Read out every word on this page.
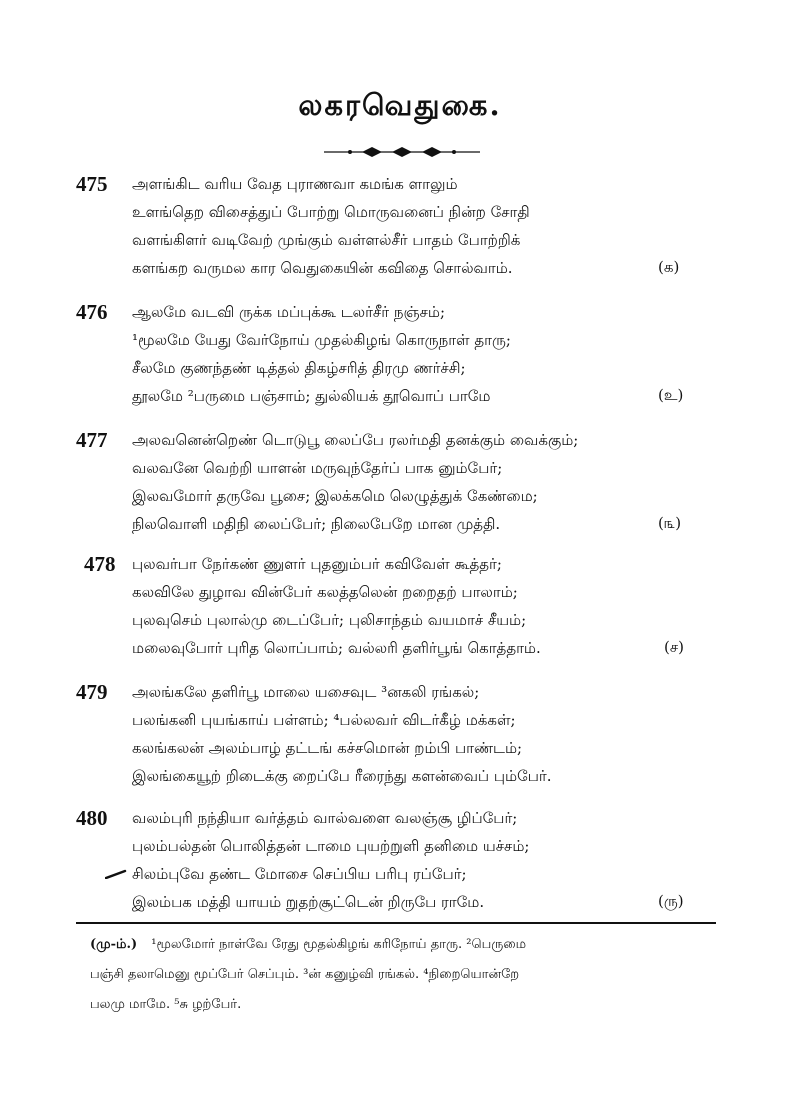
லகரவெதுகை.
475 அளங்கிட வரிய வேத புராணவா கமங்க ளாலும்
உளங்தெற விசைத்துப் போற்று மொருவனைப் நின்ற சோதி
வளங்கிளர் வடிவேற் முங்கும் வள்ளல்சீர் பாதம் போற்றிக்
களங்கற வருமல கார வெதுகையின் கவிதை சொல்வாம்.	(க)
476 ஆலமே வடவி ருக்க மப்புக்கூ டலர்சீர் நஞ்சம்;
¹மூலமே யேது வேர்நோய் முதல்கிழங் கொருநாள் தாரு;
சீலமே குணந்தண் டித்தல் திகழ்சரித் திரமு ணர்ச்சி;
தூலமே ²பருமை பஞ்சாம்; துல்லியக் தூவொப் பாமே	(உ)
477 அலவனென்றெண் டொடுபூ லைப்பே ரலர்மதி தனக்கும் வைக்கும்;
வலவனே வெற்றி யாளன் மருவுந்தேர்ப் பாக னும்பேர்;
இலவமோர் தருவே பூசை; இலக்கமெ லெழுத்துக் கேண்மை;
நிலவொளி மதிநி லைப்பேர்; நிலைபேறே மான முத்தி.	(௩)
478 புலவர்பா நேர்கண் ணுளர் புதனும்பர் கவிவேள் கூத்தர்;
கலவிலே துழாவ வின்பேர் கலத்தலென் றறைதற் பாலாம்;
புலவுசெம் புலால்மு டைப்பேர்; புலிசாந்தம் வயமாச் சீயம்;
மலைவுபோர் புரித லொப்பாம்; வல்லரி தளிர்பூங் கொத்தாம்.	(ச)
479 அலங்கலே தளிர்பூ மாலை யசைவுட ³னகலி ரங்கல்;
பலங்கனி புயங்காய் பள்ளம்; ⁴பல்லவர் விடர்கீழ் மக்கள்;
கலங்கலன் அலம்பாழ் தட்டங் கச்சமொன் றம்பி பாண்டம்;
இலங்கையூற் றிடைக்கு றைப்பே ரீரைந்து களன்வைப் பும்பேர்.
480 வலம்புரி நந்தியா வர்த்தம் வால்வளை வலஞ்சூ ழிப்பேர்;
புலம்பல்தன் பொலித்தன் டாமை புயற்றுளி தனிமை யச்சம்;
சிலம்புவே தண்ட மோசை செப்பிய பரிபு ரப்பேர்;
இலம்பக மத்தி யாயம் றுதற்சூட்டென் றிருபே ராமே.	(ரு)
(மு-ம்.) ¹மூலமோர் நாள்வே ரேது மூதல்கிழங் கரிநோய் தாரு. ²பெருமை
பஞ்சி தலாமெனு மூப்பேர் செப்பும். ³ன் கனுழ்வி ரங்கல். ⁴நிறையொன்றே
பலமு மாமே. ⁵சு ழற்பேர்.
